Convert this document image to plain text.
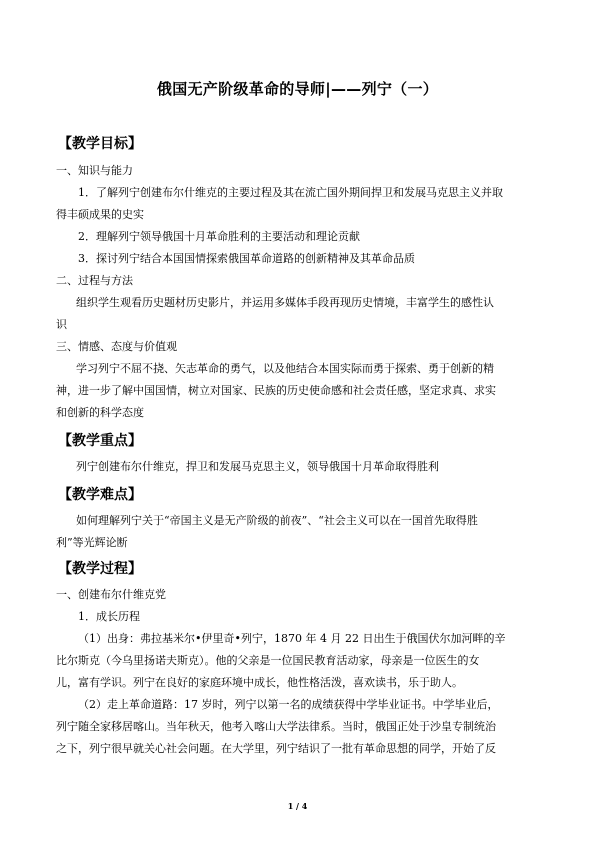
俄国无产阶级革命的导师|——列宁（一）
【教学目标】
一、知识与能力
1．了解列宁创建布尔什维克的主要过程及其在流亡国外期间捍卫和发展马克思主义并取
得丰硕成果的史实
2．理解列宁领导俄国十月革命胜利的主要活动和理论贡献
3．探讨列宁结合本国国情探索俄国革命道路的创新精神及其革命品质
二、过程与方法
组织学生观看历史题材历史影片，并运用多媒体手段再现历史情境，丰富学生的感性认
识
三、情感、态度与价值观
学习列宁不屈不挠、矢志革命的勇气，以及他结合本国实际而勇于探索、勇于创新的精
神，进一步了解中国国情，树立对国家、民族的历史使命感和社会责任感，坚定求真、求实
和创新的科学态度
【教学重点】
列宁创建布尔什维克，捍卫和发展马克思主义，领导俄国十月革命取得胜利
【教学难点】
如何理解列宁关于“帝国主义是无产阶级的前夜”、“社会主义可以在一国首先取得胜
利”等光辉论断
【教学过程】
一、创建布尔什维克党
1．成长历程
（1）出身：弗拉基米尔•伊里奇•列宁，1870 年 4 月 22 日出生于俄国伏尔加河畔的辛
比尔斯克（今乌里扬诺夫斯克）。他的父亲是一位国民教育活动家，母亲是一位医生的女
儿，富有学识。列宁在良好的家庭环境中成长，他性格活泼，喜欢读书，乐于助人。
（2）走上革命道路：17 岁时，列宁以第一名的成绩获得中学毕业证书。中学毕业后，
列宁随全家移居喀山。当年秋天，他考入喀山大学法律系。当时，俄国正处于沙皇专制统治
之下，列宁很早就关心社会问题。在大学里，列宁结识了一批有革命思想的同学，开始了反
1 / 4
